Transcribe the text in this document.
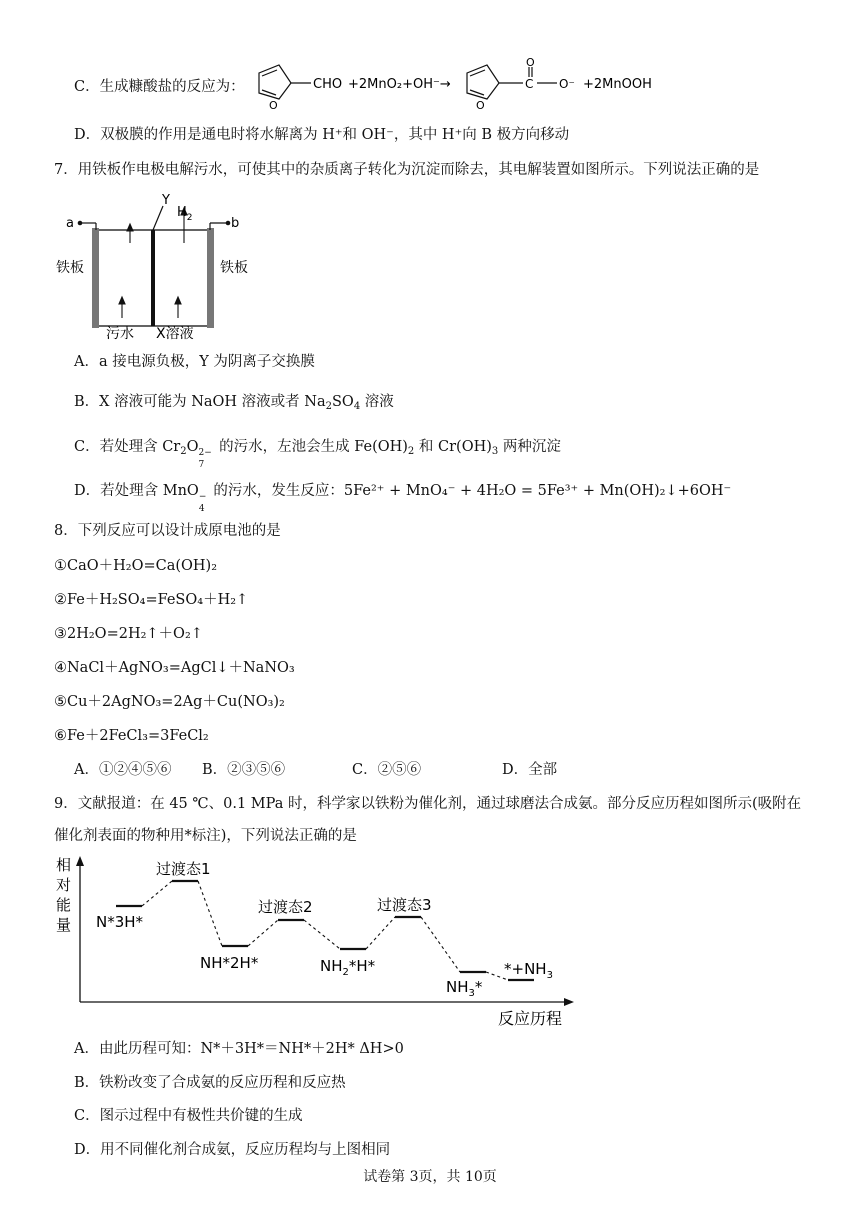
C．生成糠酸盐的反应为：
O
CHO +2MnO₂+OH⁻→
O
O
C O⁻ +2MnOOH
D．双极膜的作用是通电时将水解离为 H⁺和 OH⁻，其中 H⁺向 B 极方向移动
7．用铁板作电极电解污水，可使其中的杂质离子转化为沉淀而除去，其电解装置如图所示。下列说法正确的是
a	b
Y
$H_2$
铁板	铁板
污水 X溶液
A．a 接电源负极，Y 为阴离子交换膜
B．X 溶液可能为 NaOH 溶液或者 $Na_2SO_4$ 溶液
C．若处理含 $Cr_2O$ 2−
7
的污水，左池会生成 $Fe(OH)_2$ 和 $Cr(OH)_3$ 两种沉淀
D．若处理含 MnO −
4
的污水，发生反应：5Fe²⁺ + MnO₄⁻ + 4H₂O = 5Fe³⁺ + Mn(OH)₂↓+6OH⁻
8．下列反应可以设计成原电池的是
①CaO＋H₂O=Ca(OH)₂
②Fe＋H₂SO₄=FeSO₄＋H₂↑
③2H₂O=2H₂↑＋O₂↑
④NaCl＋AgNO₃=AgCl↓＋NaNO₃
⑤Cu＋2AgNO₃=2Ag＋Cu(NO₃)₂
⑥Fe＋2FeCl₃=3FeCl₂
A．①②④⑤⑥ B．②③⑤⑥	C．②⑤⑥	D．全部
9．文献报道：在 45 ℃、0.1 MPa 时，科学家以铁粉为催化剂，通过球磨法合成氨。部分反应历程如图所示(吸附在
催化剂表面的物种用*标注)，下列说法正确的是
相
对
能
量
反应历程
过渡态1
过渡态2	过渡态3
N*3H*
NH*2H*	$NH_2*H*$
$NH_3*$
$*+NH_3$
A．由此历程可知：N*＋3H*＝NH*＋2H* ΔH>0
B．铁粉改变了合成氨的反应历程和反应热
C．图示过程中有极性共价键的生成
D．用不同催化剂合成氨，反应历程均与上图相同
试卷第 3页，共 10页
